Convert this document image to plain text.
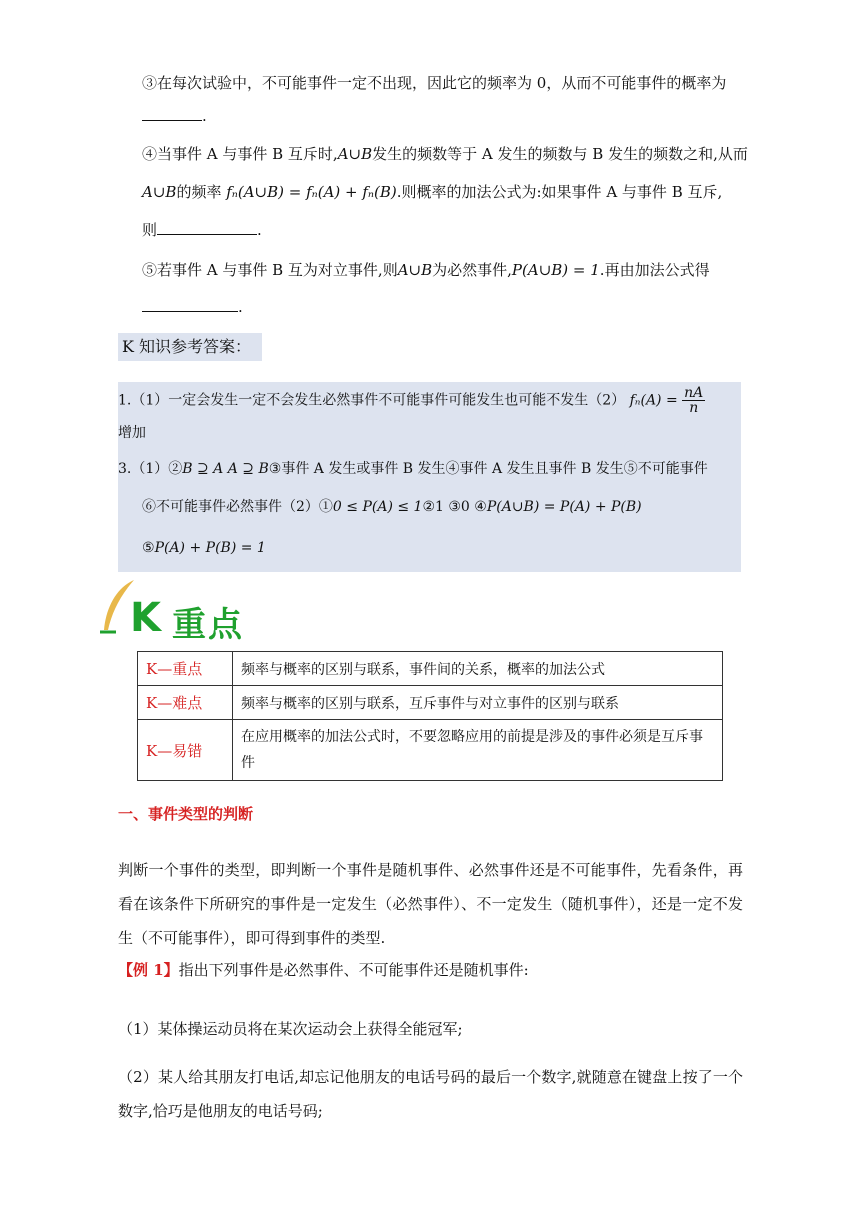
③在每次试验中，不可能事件一定不出现，因此它的频率为 0，从而不可能事件的概率为
.
④当事件 A 与事件 B 互斥时,A∪B发生的频数等于 A 发生的频数与 B 发生的频数之和,从而
A∪B的频率 fₙ(A∪B) = fₙ(A) + fₙ(B).则概率的加法公式为:如果事件 A 与事件 B 互斥,
则	.
⑤若事件 A 与事件 B 互为对立事件,则A∪B为必然事件,P(A∪B) = 1.再由加法公式得
.
K 知识参考答案：
1.（1）一定会发生一定不会发生必然事件不可能事件可能发生也可能不发生（2） $f_n(A) = \frac{nA}{n}$
增加
3.（1）②B ⊇ A A ⊇ B③事件 A 发生或事件 B 发生④事件 A 发生且事件 B 发生⑤不可能事件
⑥不可能事件必然事件（2）①0 ≤ P(A) ≤ 1②1 ③0 ④P(A∪B) = P(A) + P(B)
⑤P(A) + P(B) = 1
K 重点
K—重点	频率与概率的区别与联系，事件间的关系，概率的加法公式
K—难点	频率与概率的区别与联系，互斥事件与对立事件的区别与联系
K—易错	在应用概率的加法公式时，不要忽略应用的前提是涉及的事件必须是互斥事件
一、事件类型的判断
判断一个事件的类型，即判断一个事件是随机事件、必然事件还是不可能事件，先看条件，再看在该条件下所研究的事件是一定发生（必然事件）、不一定发生（随机事件），还是一定不发生（不可能事件），即可得到事件的类型.
【例 1】指出下列事件是必然事件、不可能事件还是随机事件:
（1）某体操运动员将在某次运动会上获得全能冠军;
（2）某人给其朋友打电话,却忘记他朋友的电话号码的最后一个数字,就随意在键盘上按了一个数字,恰巧是他朋友的电话号码;
